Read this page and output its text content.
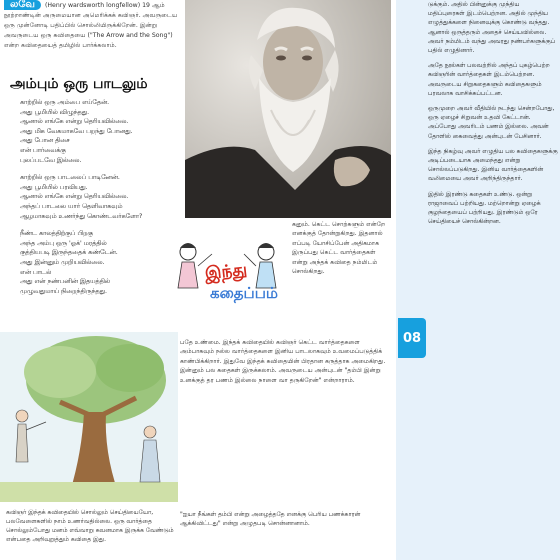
லவே (Henry wardsworth longfellow) 19 ஆம் நூற்றாண்டின் அருமையான அமெரிக்கக் கவிஞர். அவருடைய ஒரு முன்னோடி பதிப்பில் சொல்லியிருக்கிறேன். இன்று அவருடைய ஒரு கவிதையை ("The Arrow and the Song") என்ற கவிதையைத் தமிழில் பார்க்கலாம்.
அம்பும் ஒரு பாடலும்
காற்றில் ஒரு அம்பை எய்தேன்.
அது பூமியில் விழுந்தது.
ஆனால் எங்கே என்று தெரியவில்லை.
அது மிக வேகமாகவே பறந்து போனது.
அது போன திசை
என் பார்வைக்கு
புலப்படவே இல்லை.
காற்றில் ஒரு பாடலைப் பாடினேன்.
அது பூமியில் பரவியது.
ஆனால் எங்கே என்று தெரியவில்லை.
அந்தப் பாடலை யார் தெளிவாகவும்
ஆழமாகவும் உணர்ந்து கொண்டவர்களோ?
நீண்ட காலத்திற்குப் பிறகு
அந்த அம்பு ஒரு 'ஓக்' மரத்தில்
குத்தியபடி இருந்ததைக் கண்டேன்.
அது இன்னும் முறியவில்லை.
என் பாடல்
அது என் நண்பனின் இதயத்தில்
முழுவதுமாய் நிறைந்திருந்தது.
இந்து
கதைப்பம்
கனும். கெட்ட சொற்களும் என்றே எனக்குத் தோன்றுகிறது. இதனால் எப்படி யோசிப்பேன் அதிகமாக இருப்பது கெட்ட வார்த்தைகள் என்று அந்தக் கவிதை நம்மிடம் சொல்கிறது.
பதே உண்மை. இந்தக் கவிதையில் கவிஞர் கெட்ட வார்த்தைகளை அம்பாகவும் நல்ல வார்த்தைகளை இனிய பாடலாகவும் உவமைப்படுத்திக் காண்பிக்கிறார். இதுவே இந்தக் கவிதையின் பிரதான கருத்தாக அமைகிறது. இன்னும் பல கதைகள் இருக்கலாம். அவருடைய அன்புடன் "தம்பி இன்று உனக்குத் தர பணம் இல்லை நாளை வா தருகிறேன்" என்றாராம்.
கவிஞர் இந்தக் கவிதையில் சொல்லும் செய்தியையோ, பலவேளைகளில் நாம் உணர்வதில்லை. ஒரு வார்த்தை சொல்லும்போது மனம் எவ்வாறு கவனமாக இருக்க வேண்டும் என்பதை அறிவுறுத்தும் கவிதை இது.
"ஐயா நீங்கள் தம்பி என்று அழைத்ததே எனக்கு பெரிய பணக்காரன் ஆக்கிவிட்டது" என்று அழுதபடி சொன்னானாம்.

டுக்கும். அதில் பின்னுக்கு முந்திய மதிப்புரைகள் இடம்பெற்றன. அதில் முந்திய எழுத்துக்களை நினைவுக்கு கொண்டு வந்தது. ஆனால் ஒருத்தரும் அதைச் செய்யவில்லை. அவர் நம்மிடம் வந்து அவரது நண்பர்களுக்குப் பதில் எழுதினார்.

அதே நூல்கள் பலவற்றில் அந்தப் புகழ்பெற்ற கவிஞரின் வார்த்தைகள் இடம்பெற்றன. அவருடைய சிறுகதைகளும் கவிதைகளும் பரவலாக வாசிக்கப்பட்டன.

ஒருமுறை அவர் வீதியில் நடந்து சென்றபோது, ஒரு ஏழைச் சிறுவன் உதவி கேட்டான். அப்போது அவரிடம் பணம் இல்லை. அவன் தோளில் கைவைத்து அன்புடன் பேசினார்.

இந்த நிகழ்வு அவர் எழுதிய பல கவிதைகளுக்கு அடிப்படையாக அமைந்தது என்று சொல்லப்படுகிறது. இனிய வார்த்தைகளின் வலிமையை அவர் அறிந்திருந்தார்.

இதில் இரண்டு கதைகள் உண்டு. ஒன்று ராஜாவைப் பற்றியது. மற்றொன்று ஏழைக் குழந்தையைப் பற்றியது. இரண்டும் ஒரே செய்தியைச் சொல்கின்றன.

08
